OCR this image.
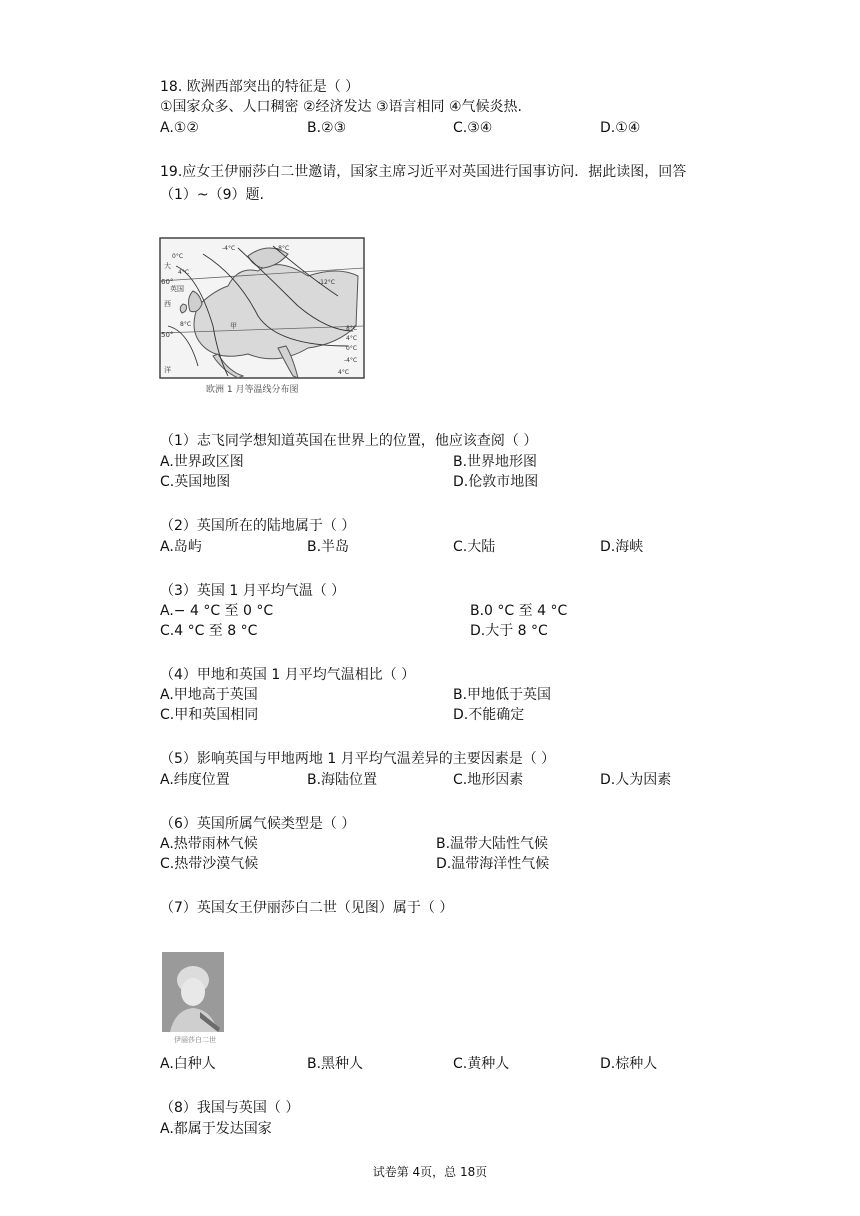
18. 欧洲西部突出的特征是（ ）
①国家众多、人口稠密 ②经济发达 ③语言相同 ④气候炎热.
A.①②	B.②③	C.③④	D.①④
19.应女王伊丽莎白二世邀请，国家主席习近平对英国进行国事访问．据此读图，回答
（1）~（9）题.
大
西
洋
英国
甲
60°
50°
0°C
4°C
-4°C	-8°C
-12°C
8°C
8°C
4°C
0°C
-4°C
4°C
欧洲 1 月等温线分布图
（1）志飞同学想知道英国在世界上的位置，他应该查阅（ ）
A.世界政区图	B.世界地形图
C.英国地图	D.伦敦市地图
（2）英国所在的陆地属于（ ）
A.岛屿	B.半岛	C.大陆	D.海峡
（3）英国 1 月平均气温（ ）
A.− 4 °C 至 0 °C	B.0 °C 至 4 °C
C.4 °C 至 8 °C	D.大于 8 °C
（4）甲地和英国 1 月平均气温相比（ ）
A.甲地高于英国	B.甲地低于英国
C.甲和英国相同	D.不能确定
（5）影响英国与甲地两地 1 月平均气温差异的主要因素是（ ）
A.纬度位置	B.海陆位置	C.地形因素	D.人为因素
（6）英国所属气候类型是（ ）
A.热带雨林气候	B.温带大陆性气候
C.热带沙漠气候	D.温带海洋性气候
（7）英国女王伊丽莎白二世（见图）属于（ ）
伊丽莎白二世
A.白种人	B.黑种人	C.黄种人	D.棕种人
（8）我国与英国（ ）
A.都属于发达国家
试卷第 4页，总 18页
